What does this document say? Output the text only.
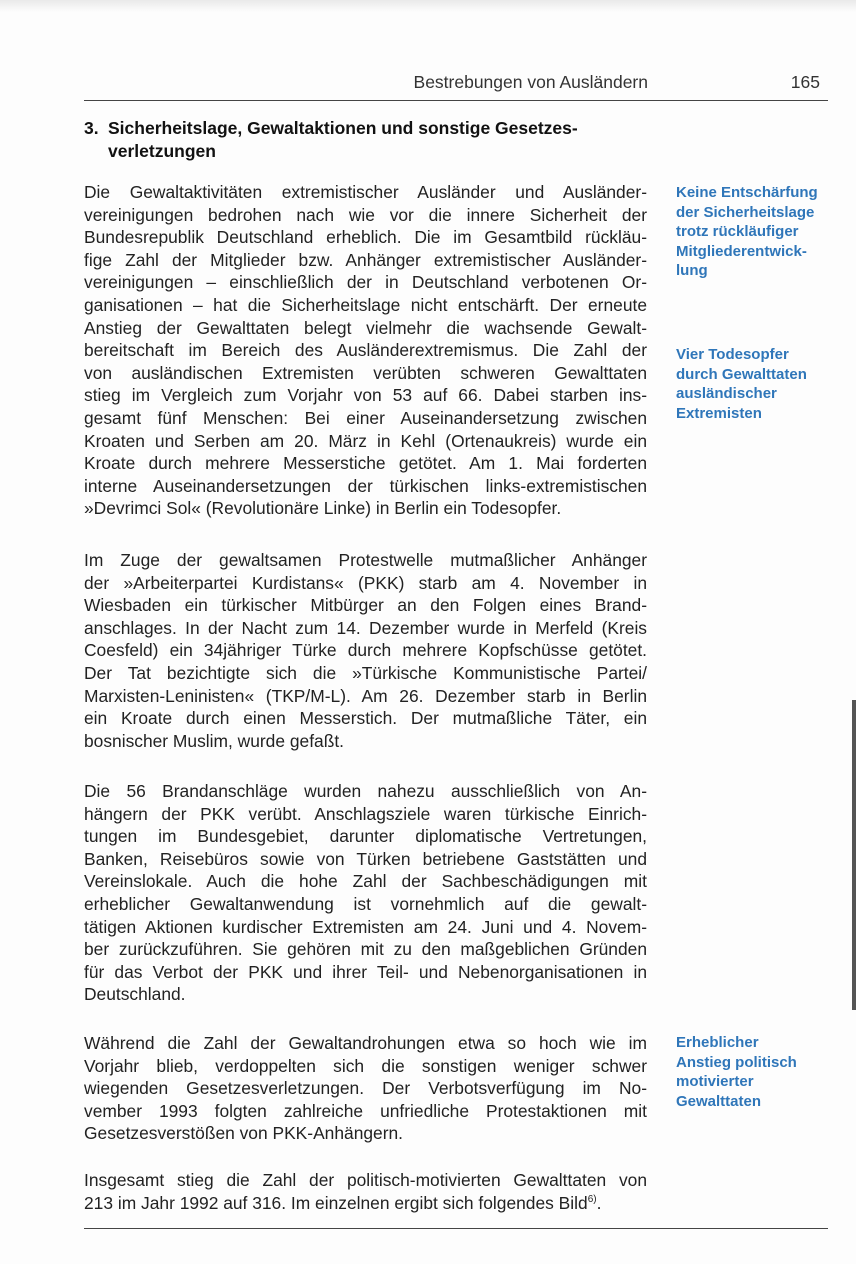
Bestrebungen von Ausländern	165
3. Sicherheitslage, Gewaltaktionen und sonstige Gesetzes-
verletzungen

Die Gewaltaktivitäten extremistischer Ausländer und Ausländer-
vereinigungen bedrohen nach wie vor die innere Sicherheit der
Bundesrepublik Deutschland erheblich. Die im Gesamtbild rückläu-
fige Zahl der Mitglieder bzw. Anhänger extremistischer Ausländer-
vereinigungen – einschließlich der in Deutschland verbotenen Or-
ganisationen – hat die Sicherheitslage nicht entschärft. Der erneute
Anstieg der Gewalttaten belegt vielmehr die wachsende Gewalt-
bereitschaft im Bereich des Ausländerextremismus. Die Zahl der
von ausländischen Extremisten verübten schweren Gewalttaten
stieg im Vergleich zum Vorjahr von 53 auf 66. Dabei starben ins-
gesamt fünf Menschen: Bei einer Auseinandersetzung zwischen
Kroaten und Serben am 20. März in Kehl (Ortenaukreis) wurde ein
Kroate durch mehrere Messerstiche getötet. Am 1. Mai forderten
interne Auseinandersetzungen der türkischen links-extremistischen
»Devrimci Sol« (Revolutionäre Linke) in Berlin ein Todesopfer.

Im Zuge der gewaltsamen Protestwelle mutmaßlicher Anhänger
der »Arbeiterpartei Kurdistans« (PKK) starb am 4. November in
Wiesbaden ein türkischer Mitbürger an den Folgen eines Brand-
anschlages. In der Nacht zum 14. Dezember wurde in Merfeld (Kreis
Coesfeld) ein 34jähriger Türke durch mehrere Kopfschüsse getötet.
Der Tat bezichtigte sich die »Türkische Kommunistische Partei/
Marxisten-Leninisten« (TKP/M-L). Am 26. Dezember starb in Berlin
ein Kroate durch einen Messerstich. Der mutmaßliche Täter, ein
bosnischer Muslim, wurde gefaßt.

Die 56 Brandanschläge wurden nahezu ausschließlich von An-
hängern der PKK verübt. Anschlagsziele waren türkische Einrich-
tungen im Bundesgebiet, darunter diplomatische Vertretungen,
Banken, Reisebüros sowie von Türken betriebene Gaststätten und
Vereinslokale. Auch die hohe Zahl der Sachbeschädigungen mit
erheblicher Gewaltanwendung ist vornehmlich auf die gewalt-
tätigen Aktionen kurdischer Extremisten am 24. Juni und 4. Novem-
ber zurückzuführen. Sie gehören mit zu den maßgeblichen Gründen
für das Verbot der PKK und ihrer Teil- und Nebenorganisationen in
Deutschland.

Während die Zahl der Gewaltandrohungen etwa so hoch wie im
Vorjahr blieb, verdoppelten sich die sonstigen weniger schwer
wiegenden Gesetzesverletzungen. Der Verbotsverfügung im No-
vember 1993 folgten zahlreiche unfriedliche Protestaktionen mit
Gesetzesverstößen von PKK-Anhängern.

Insgesamt stieg die Zahl der politisch-motivierten Gewalttaten von
213 im Jahr 1992 auf 316. Im einzelnen ergibt sich folgendes Bild$^{6)}$.

Keine Entschärfung
der Sicherheitslage
trotz rückläufiger
Mitgliederentwick-
lung
Vier Todesopfer
durch Gewalttaten
ausländischer
Extremisten
Erheblicher
Anstieg politisch
motivierter
Gewalttaten
